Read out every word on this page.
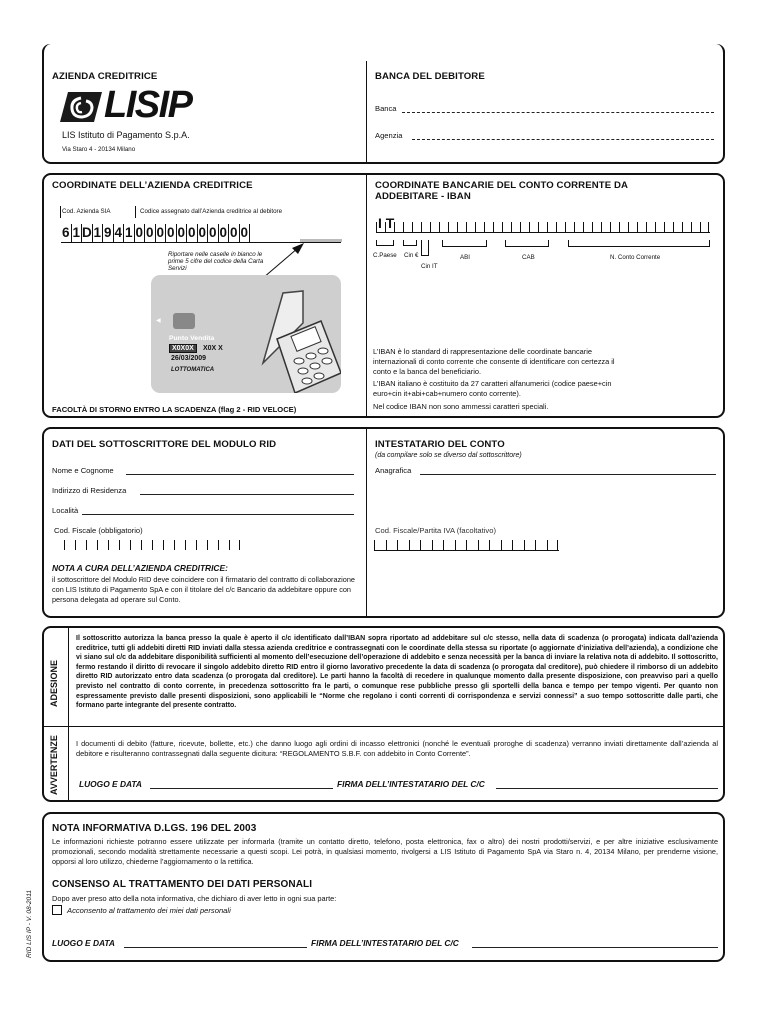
AZIENDA CREDITRICE
LISIP
LIS Istituto di Pagamento S.p.A.
Via Staro 4 - 20134 Milano
BANCA DEL DEBITORE
Banca
Agenzia
COORDINATE DELL’AZIENDA CREDITRICE
Cod. Azienda SIA	Codice assegnato dall’Azienda creditrice al debitore
6 1 D 1 9 4 1 0 0 0 0 0 0 0 0 0 0 0
Riportare nelle caselle in bianco le prime 5 cifre del codice della Carta Servizi
◀
Punto Vendita
X0X0X	X0X X
26/03/2009
LOTTOMATICA
FACOLTÀ DI STORNO ENTRO LA SCADENZA (flag 2 - RID VELOCE)
COORDINATE BANCARIE DEL CONTO CORRENTE DA ADDEBITARE - IBAN
I T
C.Paese Cin €
Cin IT
ABI	CAB	N. Conto Corrente
L’IBAN è lo standard di rappresentazione delle coordinate bancarie internazionali di conto corrente che consente di identificare con certezza il conto e la banca del beneficiario.
L’IBAN italiano è costituito da 27 caratteri alfanumerici (codice paese+cin euro+cin it+abi+cab+numero conto corrente).
Nel codice IBAN non sono ammessi caratteri speciali.
DATI DEL SOTTOSCRITTORE DEL MODULO RID
Nome e Cognome
Indirizzo di Residenza
Località
Cod. Fiscale (obbligatorio)
NOTA A CURA DELL’AZIENDA CREDITRICE:
il sottoscrittore del Modulo RID deve coincidere con il firmatario del contratto di collaborazione con LIS Istituto di Pagamento SpA e con il titolare del c/c Bancario da addebitare oppure con persona delegata ad operare sul Conto.
INTESTATARIO DEL CONTO
(da compilare solo se diverso dal sottoscrittore)
Anagrafica
Cod. Fiscale/Partita IVA (facoltativo)
ADESIONE
Il sottoscritto autorizza la banca presso la quale è aperto il c/c identificato dall’IBAN sopra riportato ad addebitare sul c/c stesso, nella data di scadenza (o prorogata) indicata dall’azienda creditrice, tutti gli addebiti diretti RID inviati dalla stessa azienda creditrice e contrassegnati con le coordinate della stessa su riportate (o aggiornate d’iniziativa dell’azienda), a condizione che vi siano sul c/c da addebitare disponibilità sufficienti al momento dell’esecuzione dell’operazione di addebito e senza necessità per la banca di inviare la relativa nota di addebito. Il sottoscritto, fermo restando il diritto di revocare il singolo addebito diretto RID entro il giorno lavorativo precedente la data di scadenza (o prorogata dal creditore), può chiedere il rimborso di un addebito diretto RID autorizzato entro data scadenza (o prorogata dal creditore). Le parti hanno la facoltà di recedere in qualunque momento dalla presente disposizione, con preavviso pari a quello previsto nel contratto di conto corrente, in precedenza sottoscritto fra le parti, o comunque rese pubbliche presso gli sportelli della banca e tempo per tempo vigenti. Per quanto non espressamente previsto dalle presenti disposizioni, sono applicabili le “Norme che regolano i conti correnti di corrispondenza e servizi connessi” a suo tempo sottoscritte dalle parti, che formano parte integrante del presente contratto.
AVVERTENZE I documenti di debito (fatture, ricevute, bollette, etc.) che danno luogo agli ordini di incasso elettronici (nonché le eventuali proroghe di scadenza) verranno inviati direttamente dall’azienda al debitore e risulteranno contrassegnati dalla seguente dicitura: “REGOLAMENTO S.B.F. con addebito in Conto Corrente”.
LUOGO E DATA	FIRMA DELL’INTESTATARIO DEL C/C
NOTA INFORMATIVA D.LGS. 196 DEL 2003
Le informazioni richieste potranno essere utilizzate per informarla (tramite un contatto diretto, telefono, posta elettronica, fax o altro) dei nostri prodotti/servizi, e per altre iniziative esclusivamente promozionali, secondo modalità strettamente necessarie a questi scopi. Lei potrà, in qualsiasi momento, rivolgersi a LIS Istituto di Pagamento SpA via Staro n. 4, 20134 Milano, per prenderne visione, opporsi al loro utilizzo, chiederne l’aggiornamento o la rettifica.
CONSENSO AL TRATTAMENTO DEI DATI PERSONALI
Dopo aver preso atto della nota informativa, che dichiaro di aver letto in ogni sua parte:
Acconsento al trattamento dei miei dati personali
LUOGO E DATA	FIRMA DELL’INTESTATARIO DEL C/C
RID LIS IP - V. 08-2011
